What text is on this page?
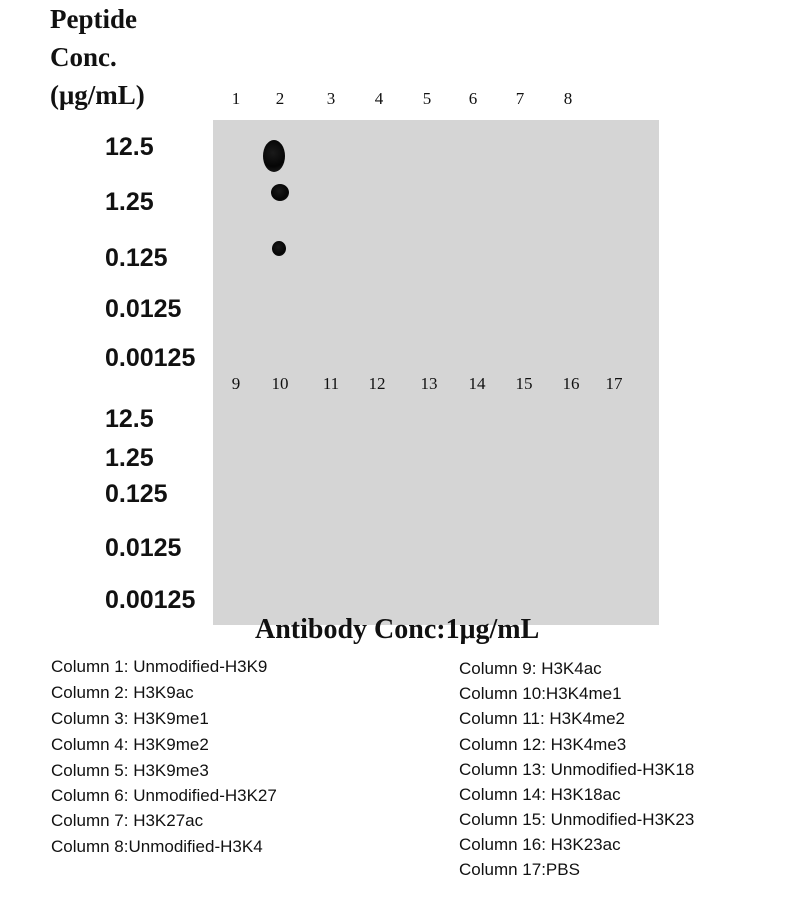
Peptide
Conc.
(μg/mL)	1 2	3 4 5 6 7 8
9 10 11 12 13 14 15 16 17
12.5
1.25
0.125
0.0125
0.00125
12.5
1.25
0.125
0.0125
0.00125
Antibody Conc:1μg/mL
Column 1: Unmodified-H3K9
Column 2: H3K9ac
Column 3: H3K9me1
Column 4: H3K9me2
Column 5: H3K9me3
Column 6: Unmodified-H3K27
Column 7: H3K27ac
Column 8:Unmodified-H3K4
Column 9: H3K4ac
Column 10:H3K4me1
Column 11: H3K4me2
Column 12: H3K4me3
Column 13: Unmodified-H3K18
Column 14: H3K18ac
Column 15: Unmodified-H3K23
Column 16: H3K23ac
Column 17:PBS
